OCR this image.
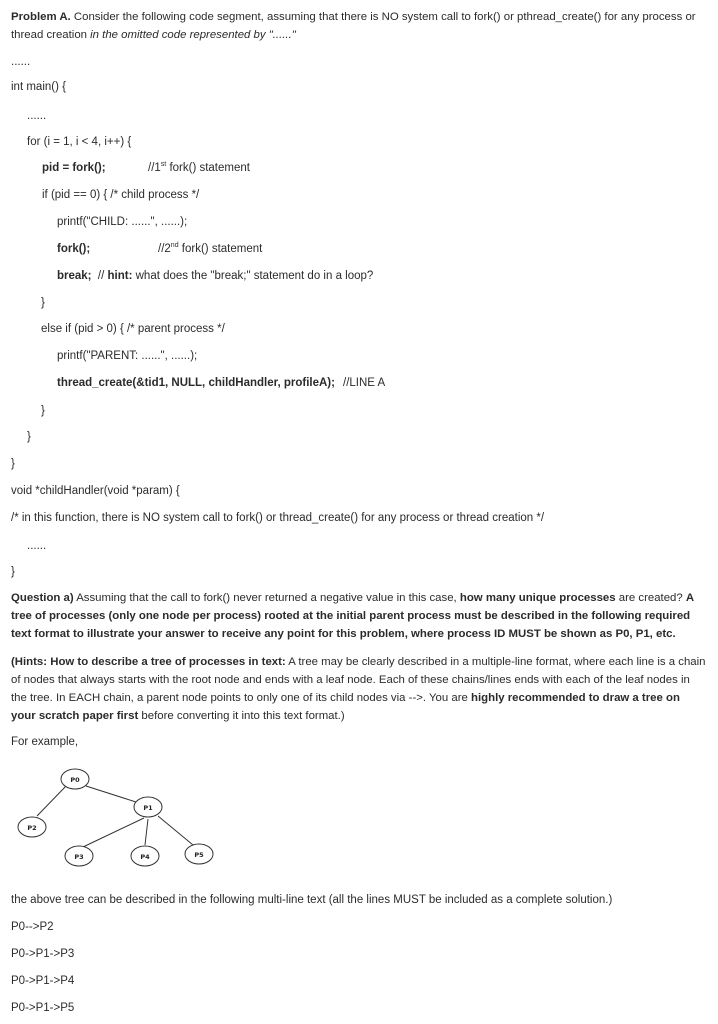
Problem A. Consider the following code segment, assuming that there is NO system call to fork() or pthread_create() for any process or thread creation in the omitted code represented by "......"
......
int main() {
......
for (i = 1, i < 4, i++) {
pid = fork();	//1st fork() statement
if (pid == 0) { /* child process */
printf("CHILD: ......", ......);
fork();	//2nd fork() statement
break;  // hint: what does the "break;" statement do in a loop?
}
else if (pid > 0) { /* parent process */
printf("PARENT: ......", ......);
thread_create(&tid1, NULL, childHandler, profileA); //LINE A
}
}
}
void *childHandler(void *param) {
/* in this function, there is NO system call to fork() or thread_create() for any process or thread creation */
......
}
Question a) Assuming that the call to fork() never returned a negative value in this case, how many unique processes are created? A tree of processes (only one node per process) rooted at the initial parent process must be described in the following required text format to illustrate your answer to receive any point for this problem, where process ID MUST be shown as P0, P1, etc.
(Hints: How to describe a tree of processes in text: A tree may be clearly described in a multiple-line format, where each line is a chain of nodes that always starts with the root node and ends with a leaf node. Each of these chains/lines ends with each of the leaf nodes in the tree. In EACH chain, a parent node points to only one of its child nodes via -->. You are highly recommended to draw a tree on your scratch paper first before converting it into this text format.)
For example,
P0
P1
P2
P3	P4	P5
the above tree can be described in the following multi-line text (all the lines MUST be included as a complete solution.)
P0-->P2
P0->P1->P3
P0->P1->P4
P0->P1->P5
